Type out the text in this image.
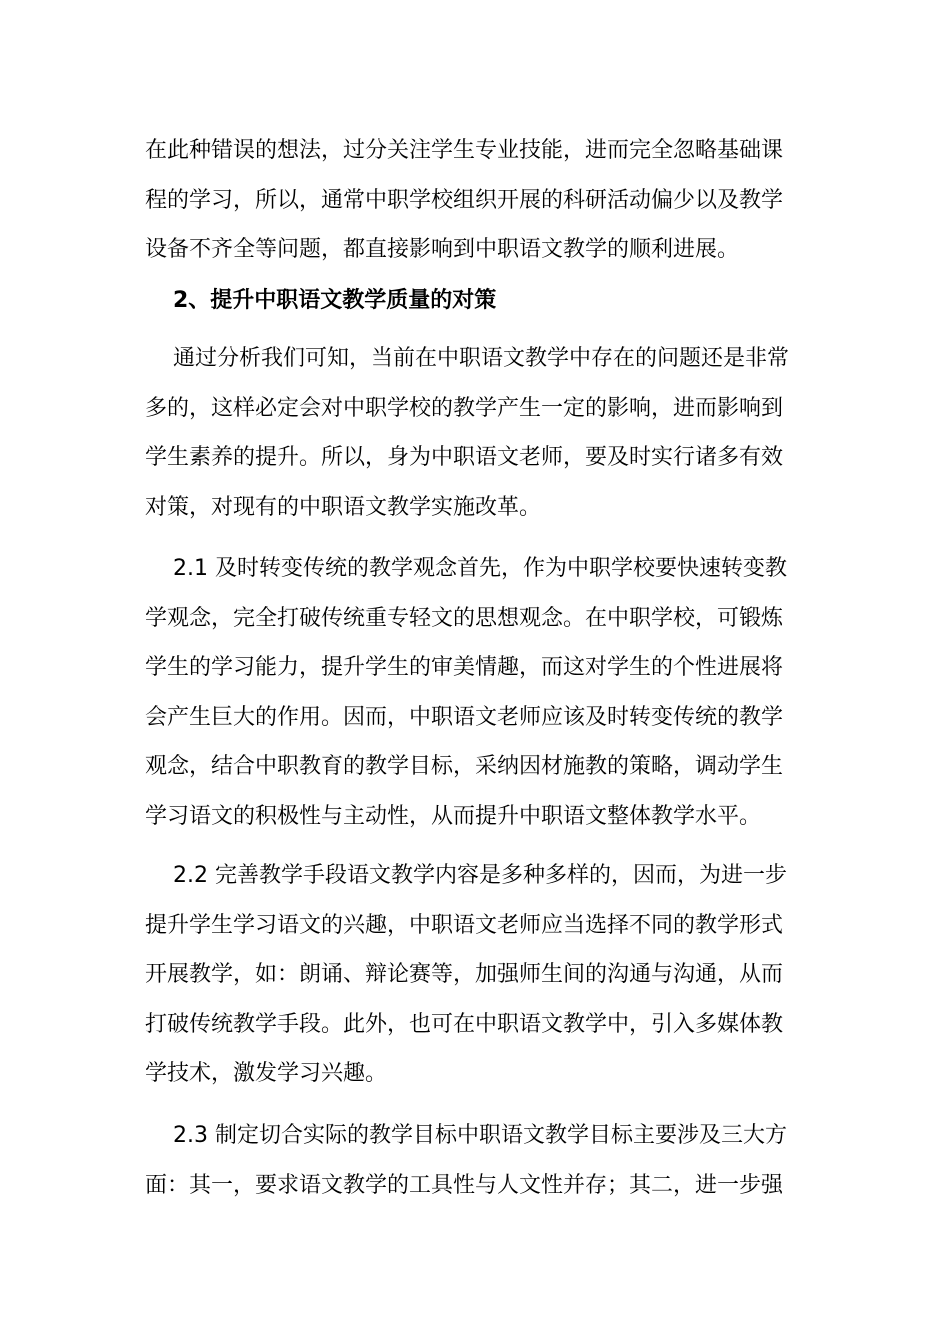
在此种错误的想法，过分关注学生专业技能，进而完全忽略基础课
程的学习，所以，通常中职学校组织开展的科研活动偏少以及教学
设备不齐全等问题，都直接影响到中职语文教学的顺利进展。
2、提升中职语文教学质量的对策
通过分析我们可知，当前在中职语文教学中存在的问题还是非常
多的，这样必定会对中职学校的教学产生一定的影响，进而影响到
学生素养的提升。所以，身为中职语文老师，要及时实行诸多有效
对策，对现有的中职语文教学实施改革。
2.1 及时转变传统的教学观念首先，作为中职学校要快速转变教
学观念，完全打破传统重专轻文的思想观念。在中职学校，可锻炼
学生的学习能力，提升学生的审美情趣，而这对学生的个性进展将
会产生巨大的作用。因而，中职语文老师应该及时转变传统的教学
观念，结合中职教育的教学目标，采纳因材施教的策略，调动学生
学习语文的积极性与主动性，从而提升中职语文整体教学水平。
2.2 完善教学手段语文教学内容是多种多样的，因而，为进一步
提升学生学习语文的兴趣，中职语文老师应当选择不同的教学形式
开展教学，如：朗诵、辩论赛等，加强师生间的沟通与沟通，从而
打破传统教学手段。此外，也可在中职语文教学中，引入多媒体教
学技术，激发学习兴趣。
2.3 制定切合实际的教学目标中职语文教学目标主要涉及三大方
面：其一，要求语文教学的工具性与人文性并存；其二，进一步强
